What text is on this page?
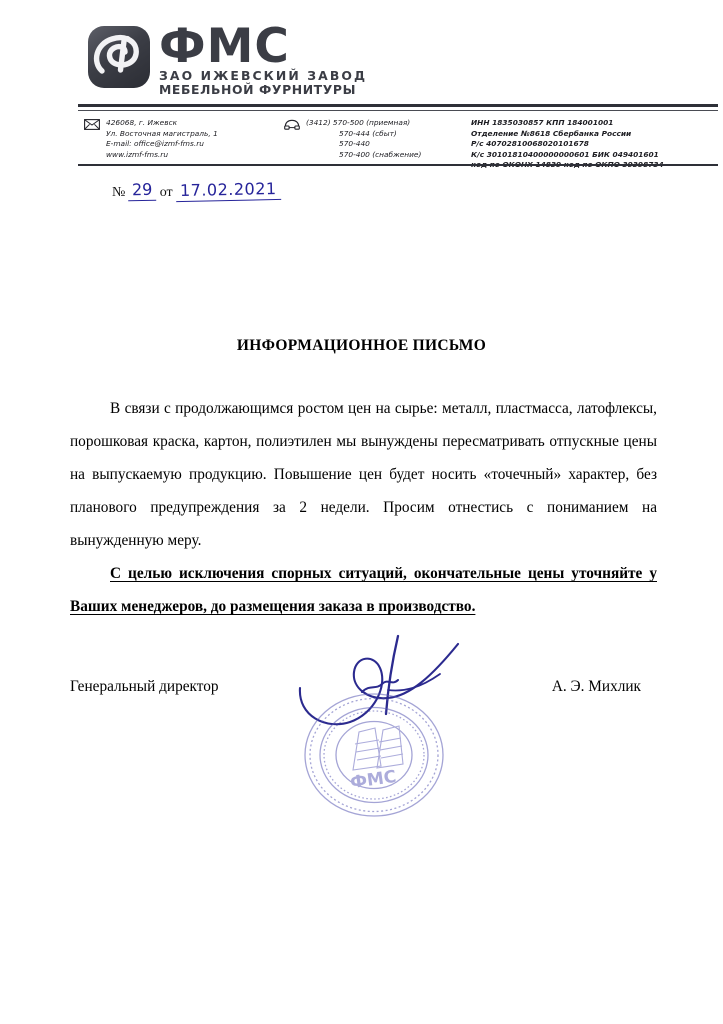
ФМС
ЗАО ИЖЕВСКИЙ ЗАВОД
МЕБЕЛЬНОЙ ФУРНИТУРЫ
426068, г. Ижевск
Ул. Восточная магистраль, 1
E-mail: office@izmf-fms.ru
www.izmf-fms.ru
(3412) 570-500 (приемная)
570-444 (сбыт)
570-440
570-400 (снабжение)
ИНН 1835030857 КПП 184001001
Отделение №8618 Сбербанка России
Р/с 40702810068020101678
К/с 30101810400000000601 БИК 049401601
№ 29 от 17.02.2021
ИНФОРМАЦИОННОЕ ПИСЬМО

В связи с продолжающимся ростом цен на сырье: металл, пластмасса, латофлексы, порошковая краска, картон, полиэтилен мы вынуждены пересматривать отпускные цены на выпускаемую продукцию. Повышение цен будет носить «точечный» характер, без планового предупреждения за 2 недели. Просим отнестись с пониманием на вынужденную меру.

С целью исключения спорных ситуаций, окончательные цены уточняйте у Ваших менеджеров, до размещения заказа в производство.

ФМС
Генеральный директор	А. Э. Михлик
